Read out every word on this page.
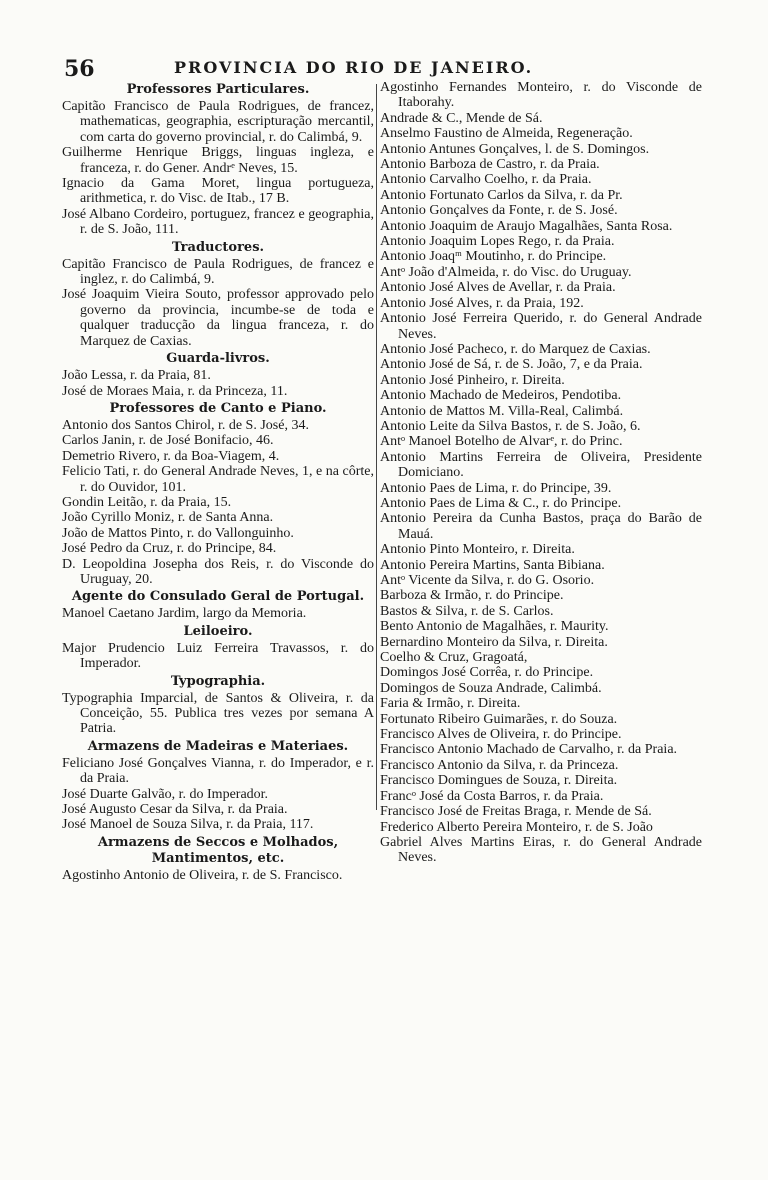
56	PROVINCIA DO RIO DE JANEIRO.
Professores Particulares.

Capitão Francisco de Paula Rodrigues, de francez, mathematicas, geographia, escripturação mercantil, com carta do governo provincial, r. do Calimbá, 9.

Guilherme Henrique Briggs, linguas ingleza, e franceza, r. do Gener. Andrᵉ Neves, 15.

Ignacio da Gama Moret, lingua portugueza, arithmetica, r. do Visc. de Itab., 17 B.

José Albano Cordeiro, portuguez, francez e geographia, r. de S. João, 111.

Traductores.

Capitão Francisco de Paula Rodrigues, de francez e inglez, r. do Calimbá, 9.

José Joaquim Vieira Souto, professor approvado pelo governo da provincia, incumbe-se de toda e qualquer traducção da lingua franceza, r. do Marquez de Caxias.

Guarda-livros.

João Lessa, r. da Praia, 81.

José de Moraes Maia, r. da Princeza, 11.

Professores de Canto e Piano.

Antonio dos Santos Chirol, r. de S. José, 34.

Carlos Janin, r. de José Bonifacio, 46.

Demetrio Rivero, r. da Boa-Viagem, 4.

Felicio Tati, r. do General Andrade Neves, 1, e na côrte, r. do Ouvidor, 101.

Gondin Leitão, r. da Praia, 15.

João Cyrillo Moniz, r. de Santa Anna.

João de Mattos Pinto, r. do Vallonguinho.

José Pedro da Cruz, r. do Principe, 84.

D. Leopoldina Josepha dos Reis, r. do Visconde do Uruguay, 20.

Agente do Consulado Geral de Portugal.

Manoel Caetano Jardim, largo da Memoria.

Leiloeiro.

Major Prudencio Luiz Ferreira Travassos, r. do Imperador.

Typographia.

Typographia Imparcial, de Santos & Oliveira, r. da Conceição, 55. Publica tres vezes por semana A Patria.

Armazens de Madeiras e Materiaes.

Feliciano José Gonçalves Vianna, r. do Imperador, e r. da Praia.

José Duarte Galvão, r. do Imperador.

José Augusto Cesar da Silva, r. da Praia.

José Manoel de Souza Silva, r. da Praia, 117.

Armazens de Seccos e Molhados, Mantimentos, etc.

Agostinho Antonio de Oliveira, r. de S. Francisco.

Agostinho Fernandes Monteiro, r. do Visconde de Itaborahy.

Andrade & C., Mende de Sá.

Anselmo Faustino de Almeida, Regeneração.

Antonio Antunes Gonçalves, l. de S. Domingos.

Antonio Barboza de Castro, r. da Praia.

Antonio Carvalho Coelho, r. da Praia.

Antonio Fortunato Carlos da Silva, r. da Pr.

Antonio Gonçalves da Fonte, r. de S. José.

Antonio Joaquim de Araujo Magalhães, Santa Rosa.

Antonio Joaquim Lopes Rego, r. da Praia.

Antonio Joaqᵐ Moutinho, r. do Principe.

Antᵒ João d'Almeida, r. do Visc. do Uruguay.

Antonio José Alves de Avellar, r. da Praia.

Antonio José Alves, r. da Praia, 192.

Antonio José Ferreira Querido, r. do General Andrade Neves.

Antonio José Pacheco, r. do Marquez de Caxias.

Antonio José de Sá, r. de S. João, 7, e da Praia.

Antonio José Pinheiro, r. Direita.

Antonio Machado de Medeiros, Pendotiba.

Antonio de Mattos M. Villa-Real, Calimbá.

Antonio Leite da Silva Bastos, r. de S. João, 6.

Antᵒ Manoel Botelho de Alvarᵉ, r. do Princ.

Antonio Martins Ferreira de Oliveira, Presidente Domiciano.

Antonio Paes de Lima, r. do Principe, 39.

Antonio Paes de Lima & C., r. do Principe.

Antonio Pereira da Cunha Bastos, praça do Barão de Mauá.

Antonio Pinto Monteiro, r. Direita.

Antonio Pereira Martins, Santa Bibiana.

Antᵒ Vicente da Silva, r. do G. Osorio.

Barboza & Irmão, r. do Principe.

Bastos & Silva, r. de S. Carlos.

Bento Antonio de Magalhães, r. Maurity.

Bernardino Monteiro da Silva, r. Direita.

Coelho & Cruz, Gragoatá,

Domingos José Corrêa, r. do Principe.

Domingos de Souza Andrade, Calimbá.

Faria & Irmão, r. Direita.

Fortunato Ribeiro Guimarães, r. do Souza.

Francisco Alves de Oliveira, r. do Principe.

Francisco Antonio Machado de Carvalho, r. da Praia.

Francisco Antonio da Silva, r. da Princeza.

Francisco Domingues de Souza, r. Direita.

Francᵒ José da Costa Barros, r. da Praia.

Francisco José de Freitas Braga, r. Mende de Sá.

Frederico Alberto Pereira Monteiro, r. de S. João

Gabriel Alves Martins Eiras, r. do General Andrade Neves.
